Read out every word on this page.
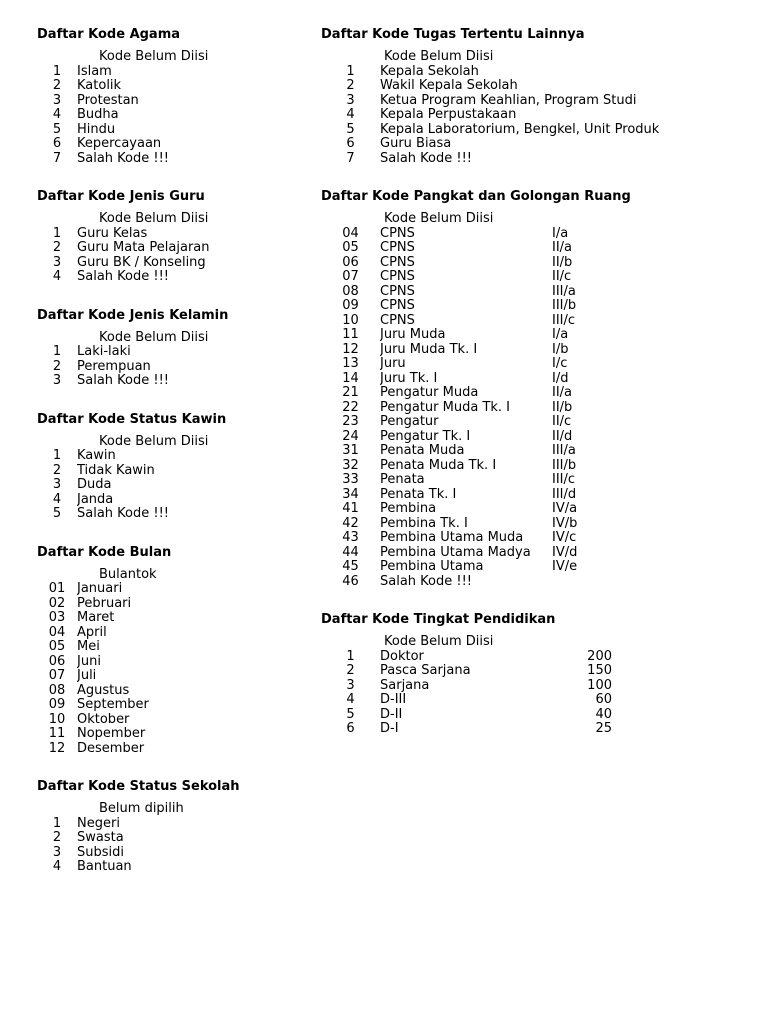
Daftar Kode Agama
Kode Belum Diisi
1	Islam
2	Katolik
3	Protestan
4	Budha
5	Hindu
6	Kepercayaan
7	Salah Kode !!!
Daftar Kode Jenis Guru
Kode Belum Diisi
1	Guru Kelas
2	Guru Mata Pelajaran
3	Guru BK / Konseling
4	Salah Kode !!!
Daftar Kode Jenis Kelamin
Kode Belum Diisi
1	Laki-laki
2	Perempuan
3	Salah Kode !!!
Daftar Kode Status Kawin
Kode Belum Diisi
1	Kawin
2	Tidak Kawin
3	Duda
4	Janda
5	Salah Kode !!!
Daftar Kode Bulan
Bulantok
01 Januari
02 Pebruari
03 Maret
04 April
05 Mei
06 Juni
07 Juli
08 Agustus
09 September
10 Oktober
11 Nopember
12 Desember
Daftar Kode Status Sekolah
Belum dipilih
1	Negeri
2	Swasta
3	Subsidi
4	Bantuan
Daftar Kode Tugas Tertentu Lainnya
Kode Belum Diisi
1	Kepala Sekolah
2	Wakil Kepala Sekolah
3	Ketua Program Keahlian, Program Studi
4	Kepala Perpustakaan
5	Kepala Laboratorium, Bengkel, Unit Produk
6	Guru Biasa
7	Salah Kode !!!
Daftar Kode Pangkat dan Golongan Ruang
Kode Belum Diisi
04	CPNS	I/a
05	CPNS	II/a
06	CPNS	II/b
07	CPNS	II/c
08	CPNS	III/a
09	CPNS	III/b
10	CPNS	III/c
11	Juru Muda	I/a
12	Juru Muda Tk. I	I/b
13	Juru	I/c
14	Juru Tk. I	I/d
21	Pengatur Muda	II/a
22	Pengatur Muda Tk. I	II/b
23	Pengatur	II/c
24	Pengatur Tk. I	II/d
31	Penata Muda	III/a
32	Penata Muda Tk. I	III/b
33	Penata	III/c
34	Penata Tk. I	III/d
41	Pembina	IV/a
42	Pembina Tk. I	IV/b
43	Pembina Utama Muda	IV/c
44	Pembina Utama Madya	IV/d
45	Pembina Utama	IV/e
46	Salah Kode !!!
Daftar Kode Tingkat Pendidikan
Kode Belum Diisi
1	Doktor	200
2	Pasca Sarjana	150
3	Sarjana	100
4	D-III	60
5	D-II	40
6	D-I	25
